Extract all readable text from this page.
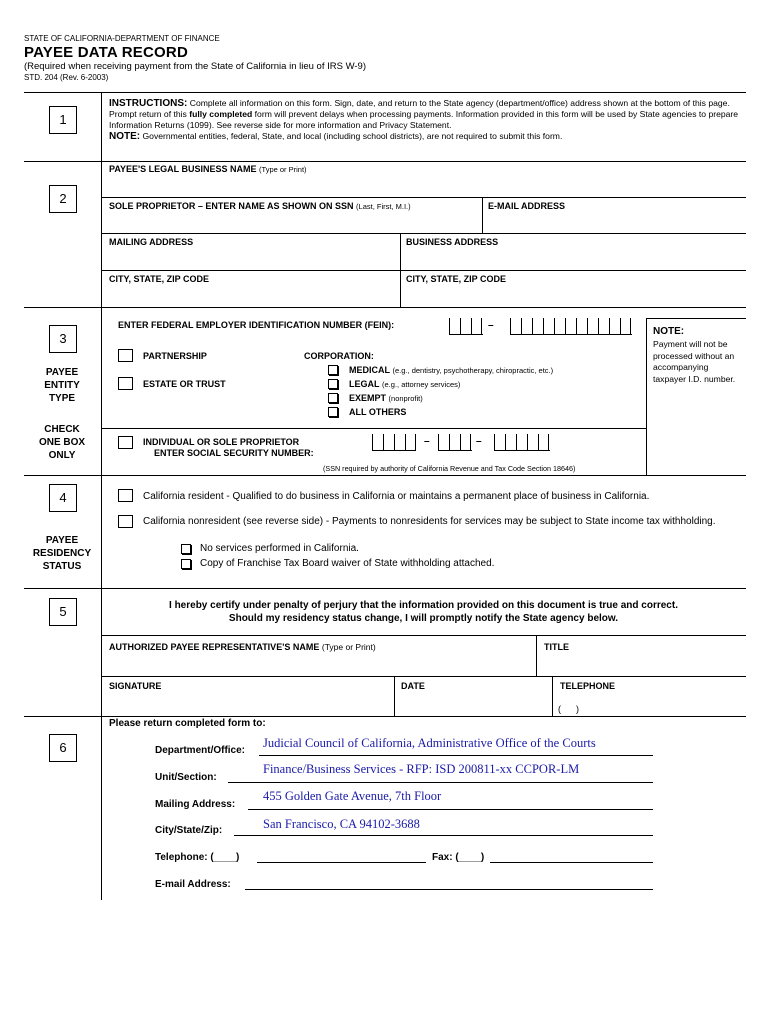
STATE OF CALIFORNIA-DEPARTMENT OF FINANCE
PAYEE DATA RECORD
(Required when receiving payment from the State of California in lieu of IRS W-9)
STD. 204 (Rev. 6-2003)
1
INSTRUCTIONS: Complete all information on this form. Sign, date, and return to the State agency (department/office) address shown at the bottom of this page. Prompt return of this fully completed form will prevent delays when processing payments. Information provided in this form will be used by State agencies to prepare Information Returns (1099). See reverse side for more information and Privacy Statement.
NOTE: Governmental entities, federal, State, and local (including school districts), are not required to submit this form.
2
PAYEE'S LEGAL BUSINESS NAME (Type or Print)
SOLE PROPRIETOR – ENTER NAME AS SHOWN ON SSN (Last, First, M.I.)	E-MAIL ADDRESS
MAILING ADDRESS	BUSINESS ADDRESS
CITY, STATE, ZIP CODE	CITY, STATE, ZIP CODE
3
PAYEE
ENTITY
TYPE
CHECK
ONE BOX
ONLY
ENTER FEDERAL EMPLOYER IDENTIFICATION NUMBER (FEIN):	–
PARTNERSHIP
ESTATE OR TRUST
CORPORATION:
MEDICAL (e.g., dentistry, psychotherapy, chiropractic, etc.)
LEGAL (e.g., attorney services)
EXEMPT (nonprofit)
ALL OTHERS
INDIVIDUAL OR SOLE PROPRIETOR
ENTER SOCIAL SECURITY NUMBER:
–	–
(SSN required by authority of California Revenue and Tax Code Section 18646)
NOTE:
Payment will not be processed without an accompanying taxpayer I.D. number.
4
PAYEE
RESIDENCY
STATUS
California resident - Qualified to do business in California or maintains a permanent place of business in California.
California nonresident (see reverse side) - Payments to nonresidents for services may be subject to State income tax withholding.
No services performed in California.
Copy of Franchise Tax Board waiver of State withholding attached.
5	I hereby certify under penalty of perjury that the information provided on this document is true and correct.
Should my residency status change, I will promptly notify the State agency below.
AUTHORIZED PAYEE REPRESENTATIVE'S NAME (Type or Print)	TITLE
SIGNATURE	DATE	TELEPHONE
(      )
6
Please return completed form to:
Department/Office:
Judicial Council of California, Administrative Office of the Courts
Unit/Section:
Finance/Business Services - RFP: ISD 200811-xx CCPOR-LM
Mailing Address:
455 Golden Gate Avenue, 7th Floor
City/State/Zip:	San Francisco, CA 94102-3688
Telephone: (____)	Fax: (____)
E-mail Address:
